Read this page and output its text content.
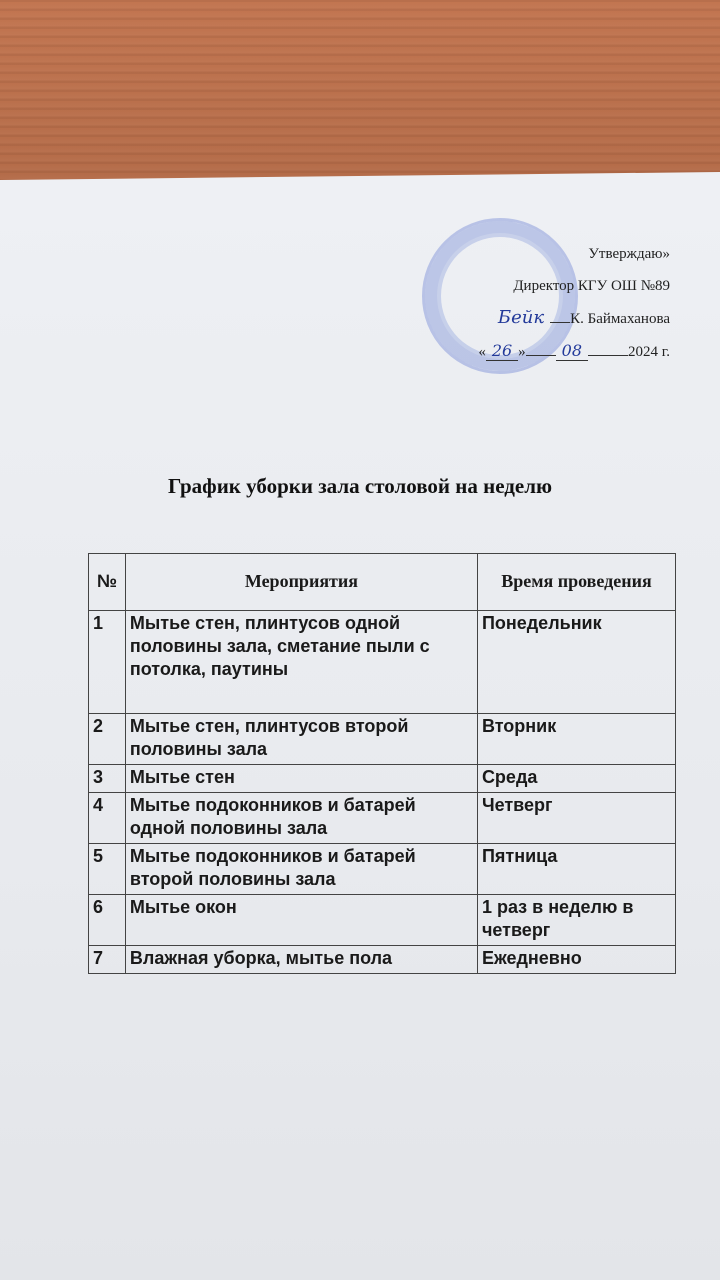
Утверждаю»
Директор КГУ ОШ №89
Бейк К. Баймаханова
« 26 » 08	2024 г.
График уборки зала столовой на неделю
№	Мероприятия	Время проведения
1	Мытье стен, плинтусов одной половины зала, сметание пыли с потолка, паутины	Понедельник
2	Мытье стен, плинтусов второй половины зала	Вторник
3	Мытье стен	Среда
4	Мытье подоконников и батарей одной половины зала	Четверг
5	Мытье подоконников и батарей второй половины зала	Пятница
6	Мытье окон	1 раз в неделю в четверг
7	Влажная уборка, мытье пола	Ежедневно
